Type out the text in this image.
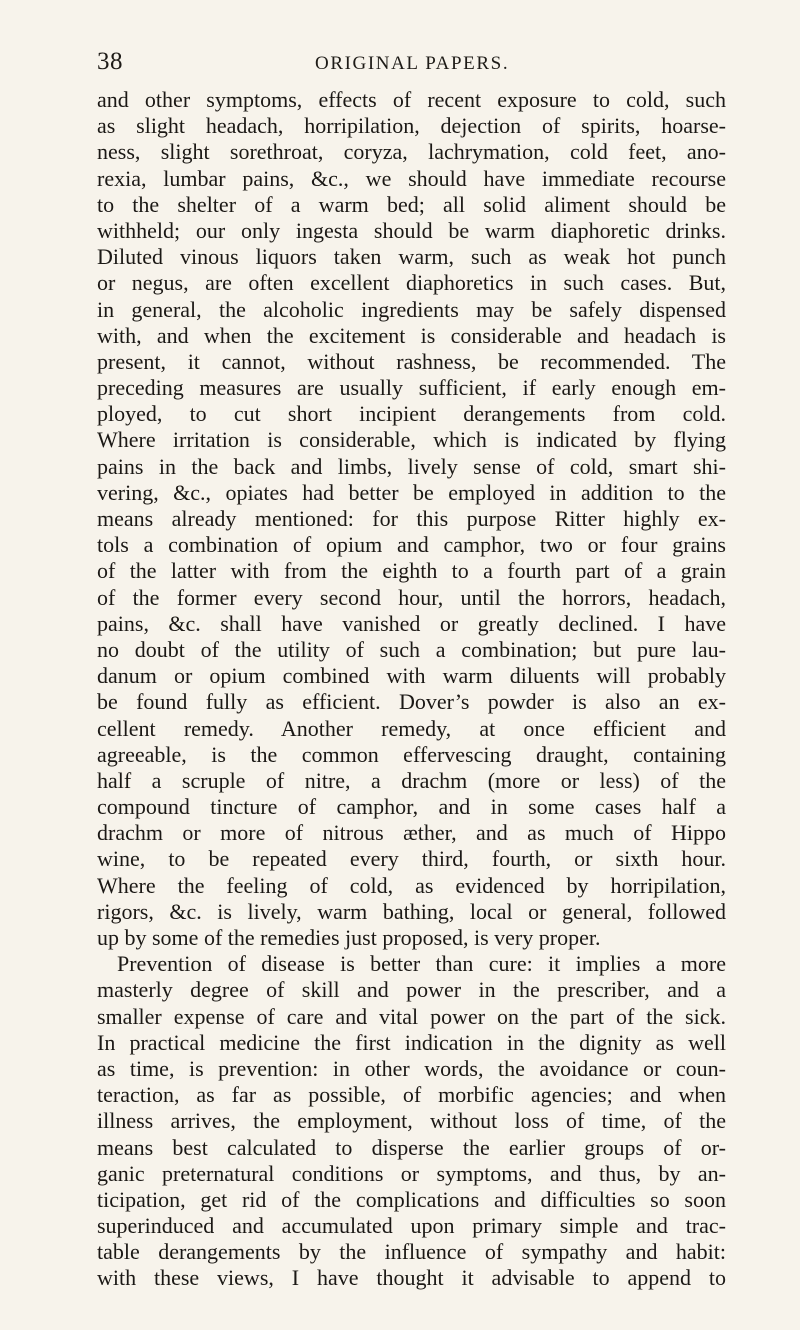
38	ORIGINAL PAPERS.
and other symptoms, effects of recent exposure to cold, such
as slight headach, horripilation, dejection of spirits, hoarse-
ness, slight sorethroat, coryza, lachrymation, cold feet, ano-
rexia, lumbar pains, &c., we should have immediate recourse
to the shelter of a warm bed; all solid aliment should be
withheld; our only ingesta should be warm diaphoretic drinks.
Diluted vinous liquors taken warm, such as weak hot punch
or negus, are often excellent diaphoretics in such cases. But,
in general, the alcoholic ingredients may be safely dispensed
with, and when the excitement is considerable and headach is
present, it cannot, without rashness, be recommended. The
preceding measures are usually sufficient, if early enough em-
ployed, to cut short incipient derangements from cold.
Where irritation is considerable, which is indicated by flying
pains in the back and limbs, lively sense of cold, smart shi-
vering, &c., opiates had better be employed in addition to the
means already mentioned: for this purpose Ritter highly ex-
tols a combination of opium and camphor, two or four grains
of the latter with from the eighth to a fourth part of a grain
of the former every second hour, until the horrors, headach,
pains, &c. shall have vanished or greatly declined. I have
no doubt of the utility of such a combination; but pure lau-
danum or opium combined with warm diluents will probably
be found fully as efficient. Dover’s powder is also an ex-
cellent remedy. Another remedy, at once efficient and
agreeable, is the common effervescing draught, containing
half a scruple of nitre, a drachm (more or less) of the
compound tincture of camphor, and in some cases half a
drachm or more of nitrous æther, and as much of Hippo
wine, to be repeated every third, fourth, or sixth hour.
Where the feeling of cold, as evidenced by horripilation,
rigors, &c. is lively, warm bathing, local or general, followed
up by some of the remedies just proposed, is very proper.
Prevention of disease is better than cure: it implies a more
masterly degree of skill and power in the prescriber, and a
smaller expense of care and vital power on the part of the sick.
In practical medicine the first indication in the dignity as well
as time, is prevention: in other words, the avoidance or coun-
teraction, as far as possible, of morbific agencies; and when
illness arrives, the employment, without loss of time, of the
means best calculated to disperse the earlier groups of or-
ganic preternatural conditions or symptoms, and thus, by an-
ticipation, get rid of the complications and difficulties so soon
superinduced and accumulated upon primary simple and trac-
table derangements by the influence of sympathy and habit:
with these views, I have thought it advisable to append to
